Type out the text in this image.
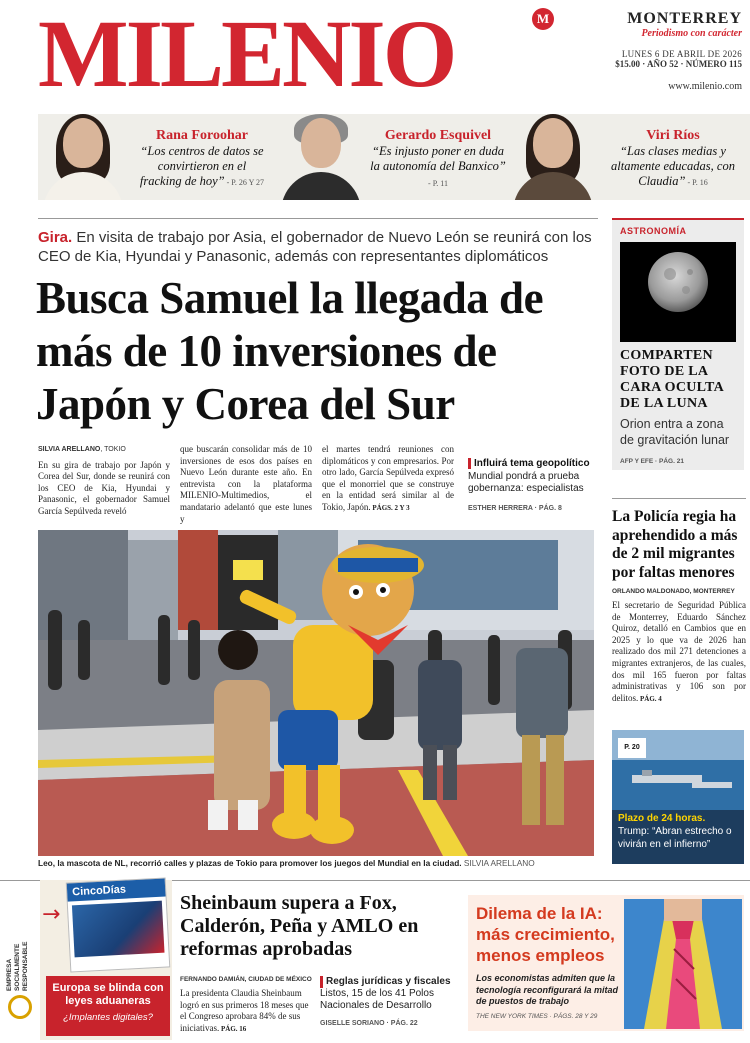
MILENIO	M	MONTERREY
Periodismo con carácter
LUNES 6 DE ABRIL DE 2026
$15.00 · AÑO 52 · NÚMERO 115
www.milenio.com
Rana Foroohar
“Los centros de datos se convirtieron en el fracking de hoy” - P. 26 Y 27
Gerardo Esquivel
“Es injusto poner en duda la autonomía del Banxico” - P. 11
Viri Ríos
“Las clases medias y altamente educadas, con Claudia” - P. 16
Gira. En visita de trabajo por Asia, el gobernador de Nuevo León se reunirá con los CEO de Kia, Hyundai y Panasonic, además con representantes diplomáticos
Busca Samuel la llegada de más de 10 inversiones de Japón y Corea del Sur
SILVIA ARELLANO, TOKIO
En su gira de trabajo por Japón y Corea del Sur, donde se reunirá con los CEO de Kia, Hyundai y Panasonic, el gobernador Samuel García Sepúlveda reveló
que buscarán consolidar más de 10 inversiones de esos dos países en Nuevo León durante este año. En entrevista con la plataforma MILENIO-Multimedios, el mandatario adelantó que este lunes y
el martes tendrá reuniones con diplomáticos y con empresarios. Por otro lado, García Sepúlveda expresó que el monorriel que se construye en la entidad será similar al de Tokio, Japón. PÁGS. 2 Y 3
Influirá tema geopolítico
Mundial pondrá a prueba gobernanza: especialistas
ESTHER HERRERA · PÁG. 8
Leo, la mascota de NL, recorrió calles y plazas de Tokio para promover los juegos del Mundial en la ciudad. SILVIA ARELLANO
ASTRONOMÍA
COMPARTEN FOTO DE LA CARA OCULTA DE LA LUNA
Orion entra a zona de gravitación lunar
AFP Y EFE · PÁG. 21
La Policía regia ha aprehendido a más de 2 mil migrantes por faltas menores
ORLANDO MALDONADO, MONTERREY
El secretario de Seguridad Pública de Monterrey, Eduardo Sánchez Quiroz, detalló en Cambios que en 2025 y lo que va de 2026 han realizado dos mil 271 detenciones a migrantes extranjeros, de las cuales, dos mil 165 fueron por faltas administrativas y 106 son por delitos. PÁG. 4
P. 20
Plazo de 24 horas.
Trump: “Abran estrecho o vivirán en el infierno”
EMPRESA
SOCIALMENTE
RESPONSABLE
→
CincoDías
Europa se blinda con leyes aduaneras
¿Implantes digitales?
Sheinbaum supera a Fox, Calderón, Peña y AMLO en reformas aprobadas
FERNANDO DAMIÁN, CIUDAD DE MÉXICO
La presidenta Claudia Sheinbaum logró en sus primeros 18 meses que el Congreso aprobara 84% de sus iniciativas. PÁG. 16
Reglas jurídicas y fiscales
Listos, 15 de los 41 Polos Nacionales de Desarrollo
GISELLE SORIANO · PÁG. 22
Dilema de la IA: más crecimiento, menos empleos
Los economistas admiten que la tecnología reconfigurará la mitad de puestos de trabajo
THE NEW YORK TIMES · PÁGS. 28 Y 29
